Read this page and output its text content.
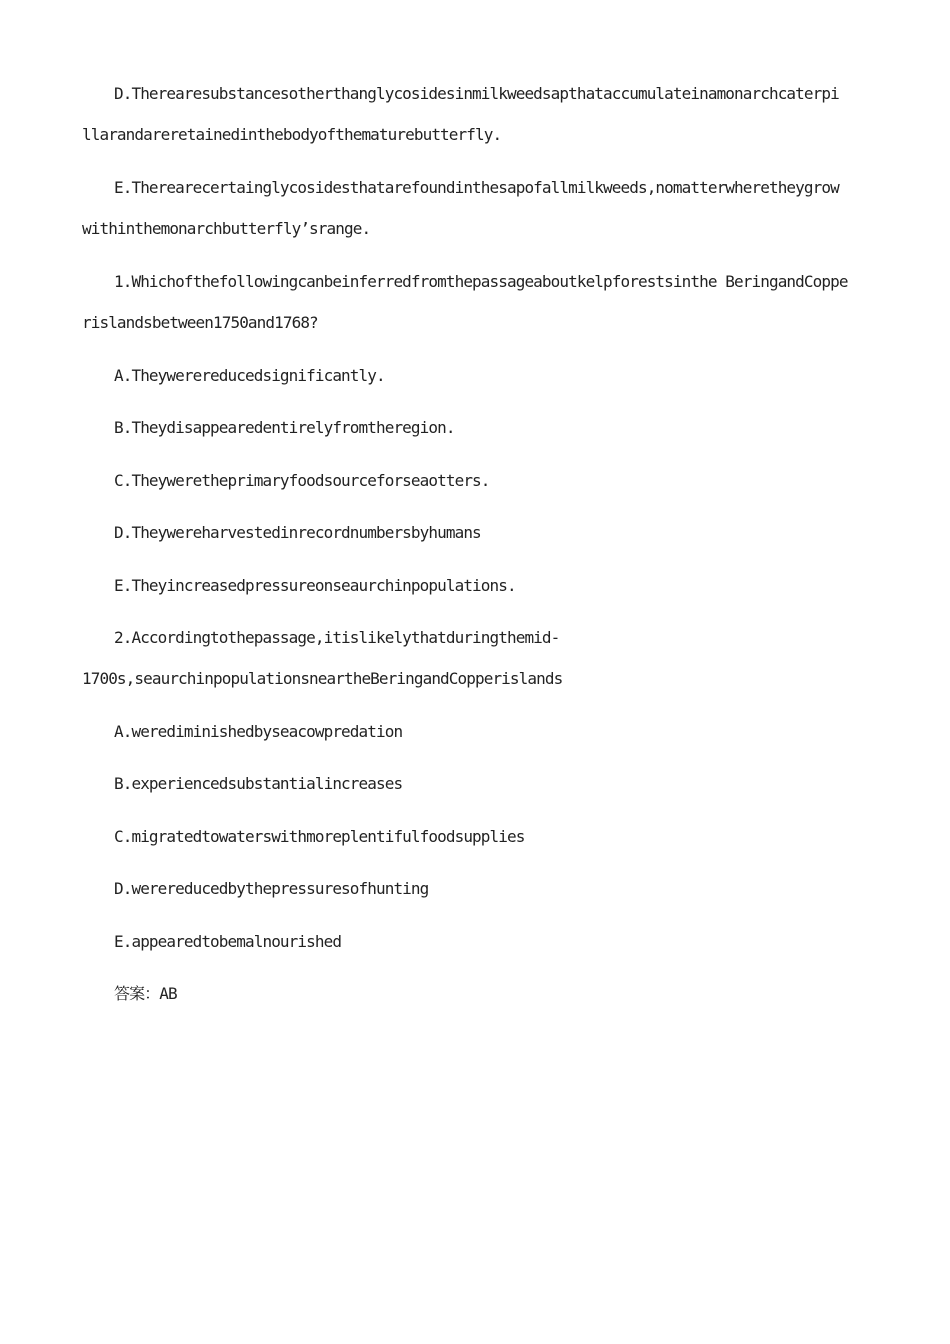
D.Therearesubstancesotherthanglycosidesinmilkweedsapthataccumulateinamonarchcaterpi
llarandareretainedinthebodyofthematurebutterfly.
E.Therearecertainglycosidesthatarefoundinthesapofallmilkweeds,nomatterwheretheygrow
withinthemonarchbutterfly’srange.
1.Whichofthefollowingcanbeinferredfromthepassageaboutkelpforestsinthe BeringandCoppe
rislandsbetween1750and1768?
A.Theywerereducedsignificantly.
B.Theydisappearedentirelyfromtheregion.
C.Theyweretheprimaryfoodsourceforseaotters.
D.Theywereharvestedinrecordnumbersbyhumans
E.Theyincreasedpressureonseaurchinpopulations.
2.Accordingtothepassage,itislikelythatduringthemid-
1700s,seaurchinpopulationsneartheBeringandCopperislands
A.werediminishedbyseacowpredation
B.experiencedsubstantialincreases
C.migratedtowaterswithmoreplentifulfoodsupplies
D.werereducedbythepressuresofhunting
E.appearedtobemalnourished
答案：AB
